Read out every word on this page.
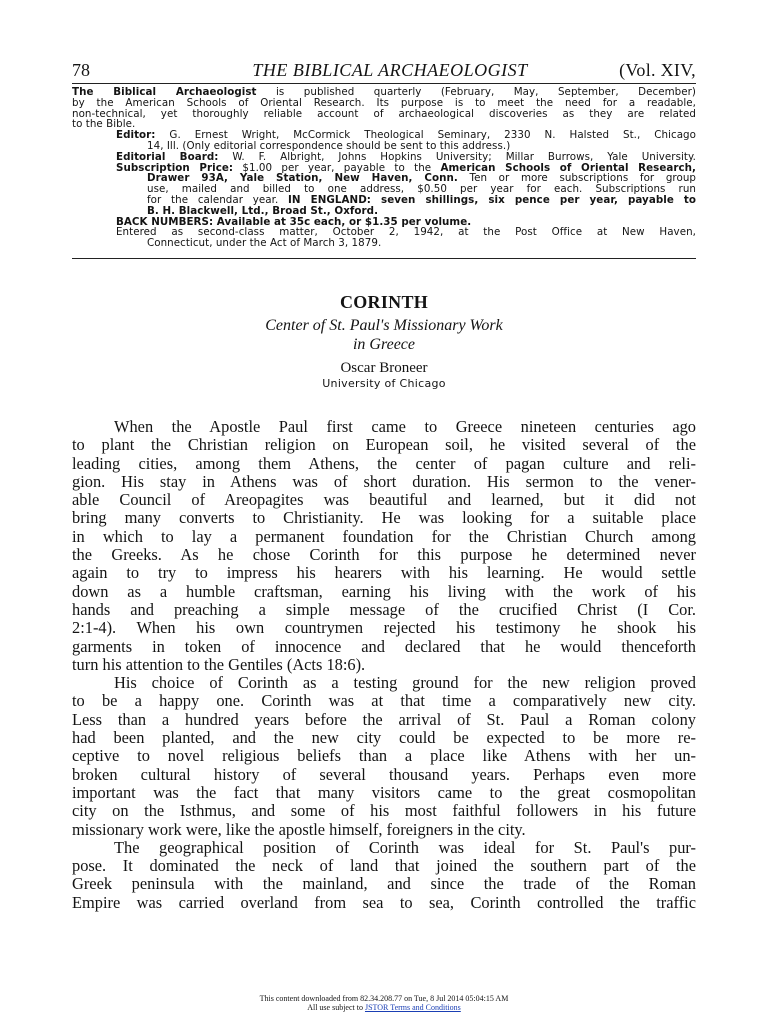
78	THE BIBLICAL ARCHAEOLOGIST	(Vol. XIV,

The Biblical Archaeologist is published quarterly (February, May, September, December)

by the American Schools of Oriental Research. Its purpose is to meet the need for a readable,

non-technical, yet thoroughly reliable account of archaeological discoveries as they are related

to the Bible.

Editor: G. Ernest Wright, McCormick Theological Seminary, 2330 N. Halsted St., Chicago

14, Ill. (Only editorial correspondence should be sent to this address.)

Editorial Board: W. F. Albright, Johns Hopkins University; Millar Burrows, Yale University.

Subscription Price: $1.00 per year, payable to the American Schools of Oriental Research,

Drawer 93A, Yale Station, New Haven, Conn. Ten or more subscriptions for group

use, mailed and billed to one address, $0.50 per year for each. Subscriptions run

for the calendar year. IN ENGLAND: seven shillings, six pence per year, payable to

B. H. Blackwell, Ltd., Broad St., Oxford.

BACK NUMBERS: Available at 35c each, or $1.35 per volume.

Entered as second-class matter, October 2, 1942, at the Post Office at New Haven,

Connecticut, under the Act of March 3, 1879.

CORINTH
Center of St. Paul's Missionary Work
in Greece
Oscar Broneer
University of Chicago

When the Apostle Paul first came to Greece nineteen centuries ago
to plant the Christian religion on European soil, he visited several of the
leading cities, among them Athens, the center of pagan culture and reli-
gion. His stay in Athens was of short duration. His sermon to the vener-
able Council of Areopagites was beautiful and learned, but it did not
bring many converts to Christianity. He was looking for a suitable place
in which to lay a permanent foundation for the Christian Church among
the Greeks. As he chose Corinth for this purpose he determined never
again to try to impress his hearers with his learning. He would settle
down as a humble craftsman, earning his living with the work of his
hands and preaching a simple message of the crucified Christ (I Cor.
2:1-4). When his own countrymen rejected his testimony he shook his
garments in token of innocence and declared that he would thenceforth
turn his attention to the Gentiles (Acts 18:6).

His choice of Corinth as a testing ground for the new religion proved
to be a happy one. Corinth was at that time a comparatively new city.
Less than a hundred years before the arrival of St. Paul a Roman colony
had been planted, and the new city could be expected to be more re-
ceptive to novel religious beliefs than a place like Athens with her un-
broken cultural history of several thousand years. Perhaps even more
important was the fact that many visitors came to the great cosmopolitan
city on the Isthmus, and some of his most faithful followers in his future
missionary work were, like the apostle himself, foreigners in the city.

The geographical position of Corinth was ideal for St. Paul's pur-
pose. It dominated the neck of land that joined the southern part of the
Greek peninsula with the mainland, and since the trade of the Roman
Empire was carried overland from sea to sea, Corinth controlled the traffic

This content downloaded from 82.34.208.77 on Tue, 8 Jul 2014 05:04:15 AM
All use subject to JSTOR Terms and Conditions
